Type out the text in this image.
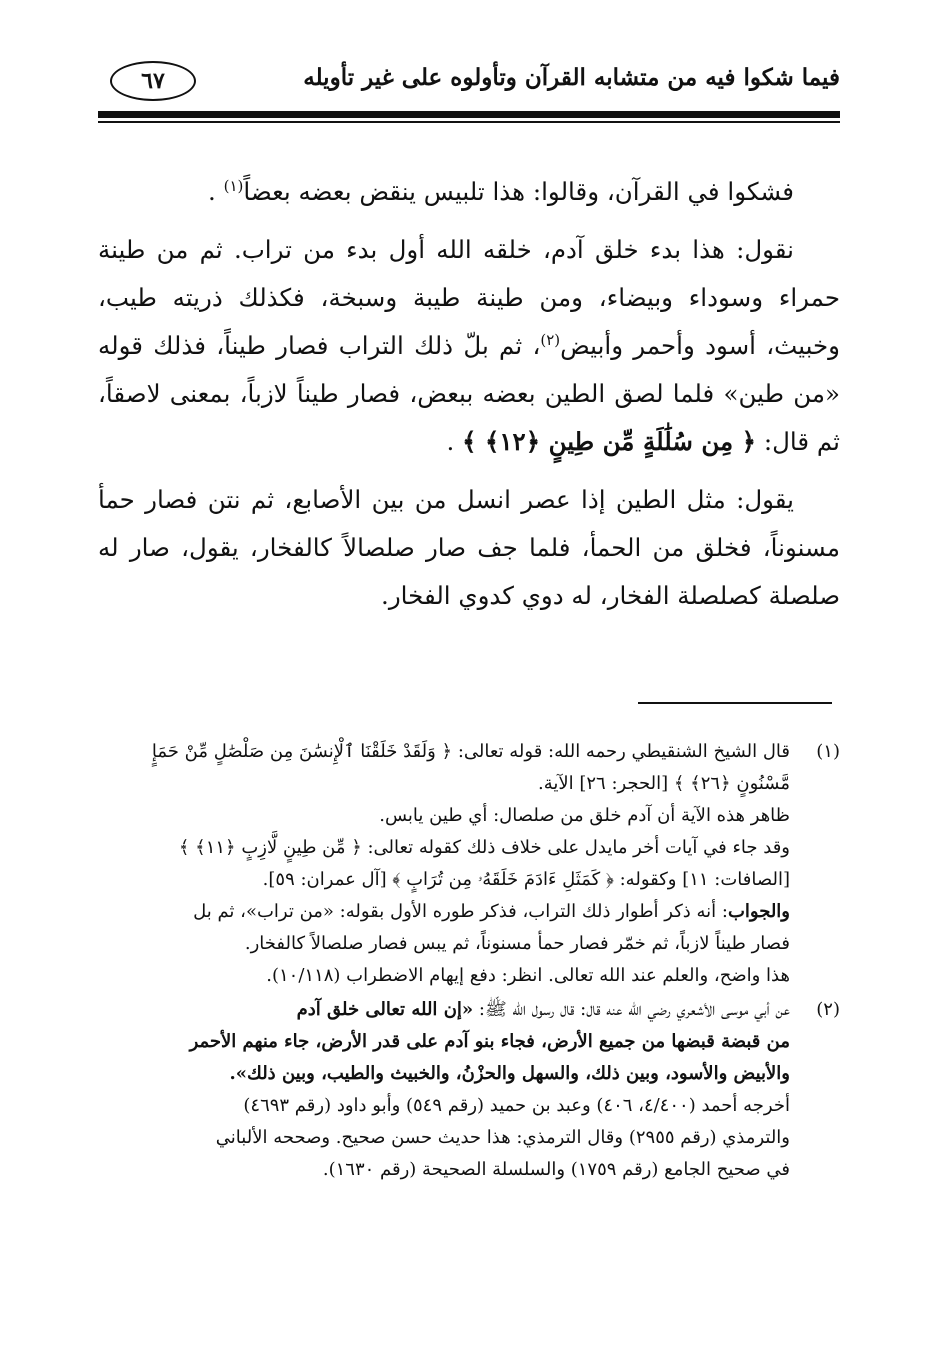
فيما شكوا فيه من متشابه القرآن وتأولوه على غير تأويله
٦٧

فشكوا في القرآن، وقالوا: هذا تلبيس ينقض بعضه بعضاً$^{(١)}$ .

نقول: هذا بدء خلق آدم، خلقه الله أول بدء من تراب. ثم من طينة حمراء وسوداء وبيضاء، ومن طينة طيبة وسبخة، فكذلك ذريته طيب، وخبيث، أسود وأحمر وأبيض$^{(٢)}$، ثم بلّ ذلك التراب فصار طيناً، فذلك قوله «من طين» فلما لصق الطين بعضه ببعض، فصار طيناً لازباً، بمعنى لاصقاً، ثم قال: ﴿ مِن سُلَٰلَةٍ مِّن طِينٍ ﴿١٢﴾ ﴾ .

يقول: مثل الطين إذا عصر انسل من بين الأصابع، ثم نتن فصار حمأ مسنوناً، فخلق من الحمأ، فلما جف صار صلصالاً كالفخار، يقول، صار له صلصلة كصلصلة الفخار، له دوي كدوي الفخار.

(١)
قال الشيخ الشنقيطي رحمه الله: قوله تعالى: ﴿ وَلَقَدْ خَلَقْنَا ٱلْإِنسَٰنَ مِن صَلْصَٰلٍ مِّنْ حَمَإٍ
مَّسْنُونٍ ﴿٢٦﴾ ﴾ [الحجر: ٢٦] الآية.
ظاهر هذه الآية أن آدم خلق من صلصال: أي طين يابس.
وقد جاء في آيات أخر مايدل على خلاف ذلك كقوله تعالى: ﴿ مِّن طِينٍ لَّازِبٍ ﴿١١﴾ ﴾
[الصافات: ١١] وكقوله: ﴿ كَمَثَلِ ءَادَمَ خَلَقَهُۥ مِن تُرَابٍ ﴾ [آل عمران: ٥٩].
والجواب: أنه ذكر أطوار ذلك التراب، فذكر طوره الأول بقوله: «من تراب»، ثم بل
فصار طيناً لازباً، ثم خمّر فصار حمأ مسنوناً، ثم يبس فصار صلصالاً كالفخار.
هذا واضح، والعلم عند الله تعالى. انظر: دفع إيهام الاضطراب (١٠/١١٨).
(٢)
عن أبي موسى الأشعري رضي الله عنه قال: قال رسول الله ﷺ: «إن الله تعالى خلق آدم
من قبضة قبضها من جميع الأرض، فجاء بنو آدم على قدر الأرض، جاء منهم الأحمر
والأبيض والأسود، وبين ذلك، والسهل والحزْنُ، والخبيث والطيب، وبين ذلك».
أخرجه أحمد (٤/٤٠٠، ٤٠٦) وعبد بن حميد (رقم ٥٤٩) وأبو داود (رقم ٤٦٩٣)
والترمذي (رقم ٢٩٥٥) وقال الترمذي: هذا حديث حسن صحيح. وصححه الألباني
في صحيح الجامع (رقم ١٧٥٩) والسلسلة الصحيحة (رقم ١٦٣٠).
